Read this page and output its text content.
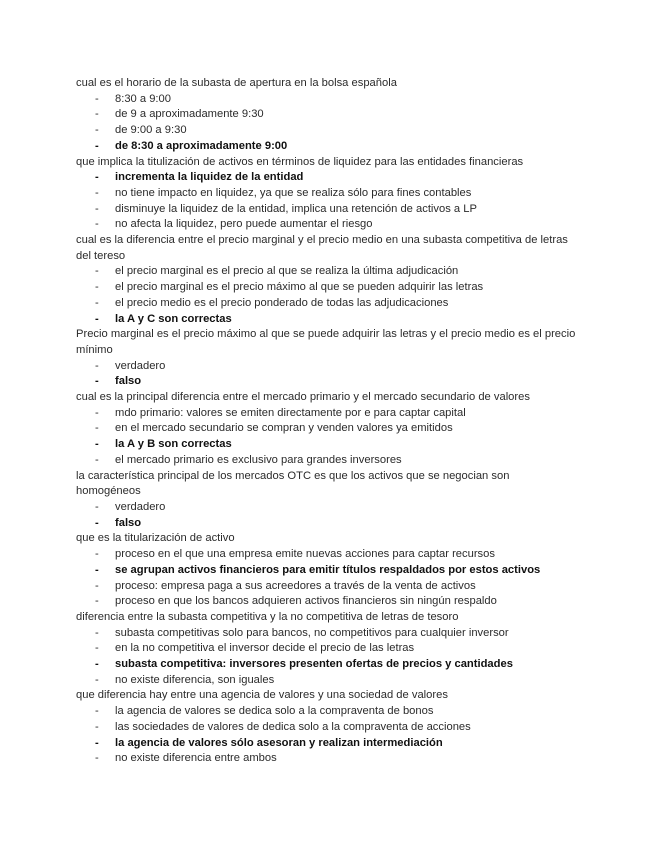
cual es el horario de la subasta de apertura en la bolsa española

- 8:30 a 9:00
- de 9 a aproximadamente 9:30
- de 9:00 a 9:30
- de 8:30 a aproximadamente 9:00

que implica la titulización de activos en términos de liquidez para las entidades financieras

- incrementa la liquidez de la entidad
- no tiene impacto en liquidez, ya que se realiza sólo para fines contables
- disminuye la liquidez de la entidad, implica una retención de activos a LP
- no afecta la liquidez, pero puede aumentar el riesgo

cual es la diferencia entre el precio marginal y el precio medio en una subasta competitiva de letras del tereso

- el precio marginal es el precio al que se realiza la última adjudicación
- el precio marginal es el precio máximo al que se pueden adquirir las letras
- el precio medio es el precio ponderado de todas las adjudicaciones
- la A y C son correctas

Precio marginal es el precio máximo al que se puede adquirir las letras y el precio medio es el precio mínimo

- verdadero
- falso

cual es la principal diferencia entre el mercado primario y el mercado secundario de valores

- mdo primario: valores se emiten directamente por e para captar capital
- en el mercado secundario se compran y venden valores ya emitidos
- la A y B son correctas
- el mercado primario es exclusivo para grandes inversores

la característica principal de los mercados OTC es que los activos que se negocian son homogéneos

- verdadero
- falso

que es la titularización de activo

- proceso en el que una empresa emite nuevas acciones para captar recursos
- se agrupan activos financieros para emitir títulos respaldados por estos activos
- proceso: empresa paga a sus acreedores a través de la venta de activos
- proceso en que los bancos adquieren activos financieros sin ningún respaldo

diferencia entre la subasta competitiva y la no competitiva de letras de tesoro

- subasta competitivas solo para bancos, no competitivos para cualquier inversor
- en la no competitiva el inversor decide el precio de las letras
- subasta competitiva: inversores presenten ofertas de precios y cantidades
- no existe diferencia, son iguales

que diferencia hay entre una agencia de valores y una sociedad de valores

- la agencia de valores se dedica solo a la compraventa de bonos
- las sociedades de valores de dedica solo a la compraventa de acciones
- la agencia de valores sólo asesoran y realizan intermediación
- no existe diferencia entre ambos
